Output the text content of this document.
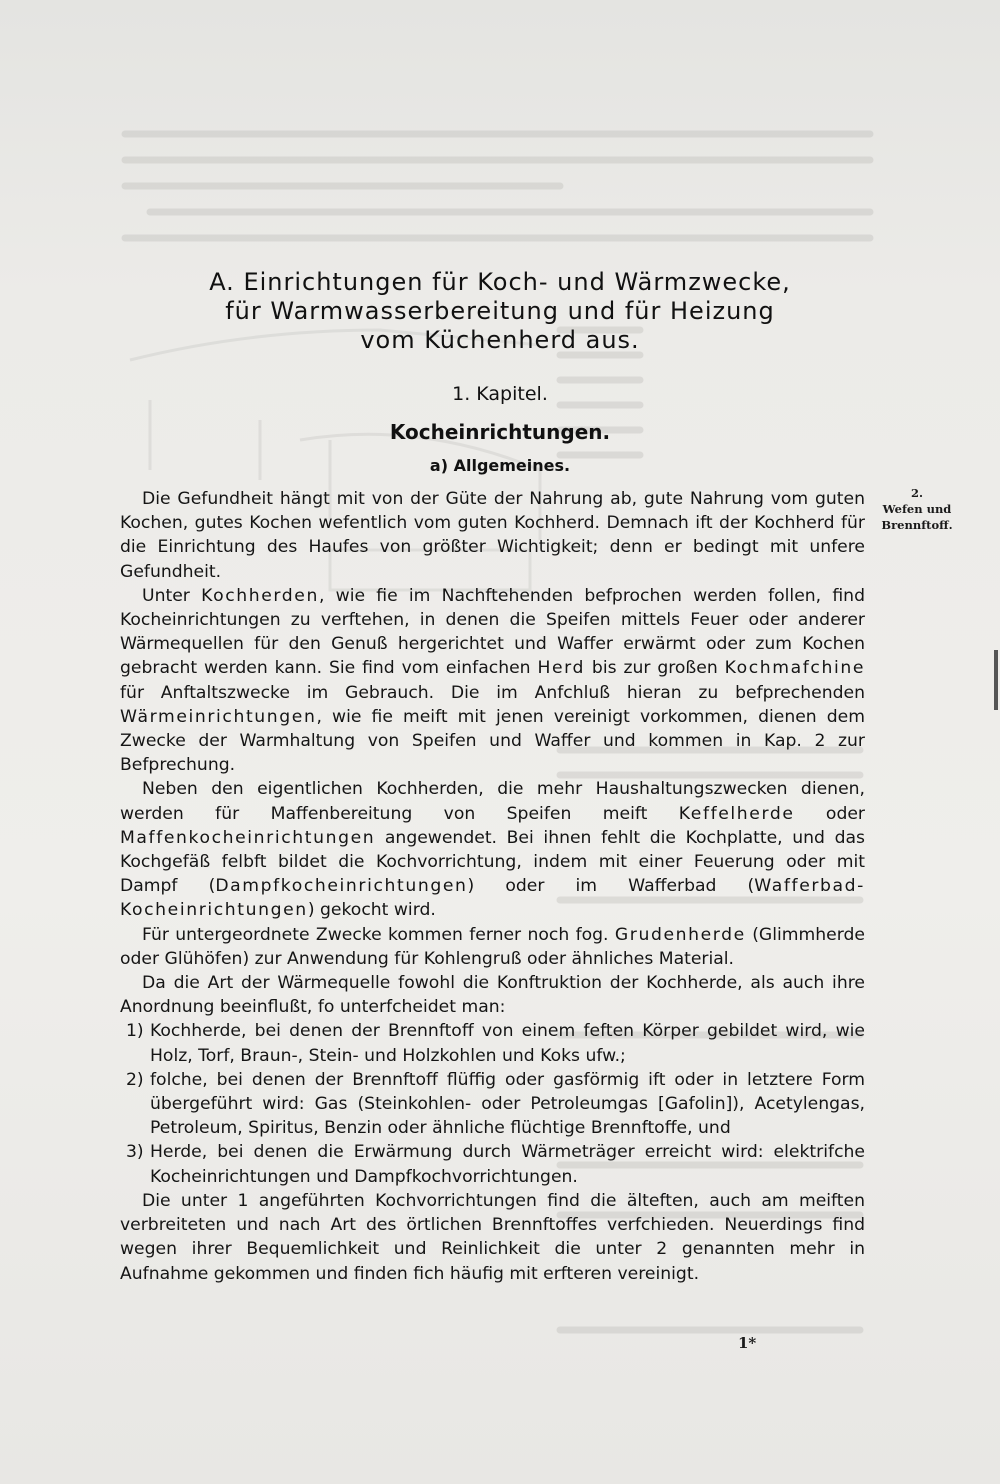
A. Einrichtungen für Koch- und Wärmzwecke,
für Warmwasserbereitung und für Heizung
vom Küchenherd aus.
1. Kapitel.
Kocheinrichtungen.
a) Allgemeines.
2.
Wefen und
Brennftoff.

Die Gefundheit hängt mit von der Güte der Nahrung ab, gute Nahrung vom guten Kochen, gutes Kochen wefentlich vom guten Kochherd. Demnach ift der Kochherd für die Einrichtung des Haufes von größter Wichtigkeit; denn er bedingt mit unfere Gefundheit.

Unter Kochherden, wie fie im Nachftehenden befprochen werden follen, find Kocheinrichtungen zu verftehen, in denen die Speifen mittels Feuer oder anderer Wärmequellen für den Genuß hergerichtet und Waffer erwärmt oder zum Kochen gebracht werden kann. Sie find vom einfachen Herd bis zur großen Kochmafchine für Anftaltszwecke im Gebrauch. Die im Anfchluß hieran zu befprechenden Wärmeinrichtungen, wie fie meift mit jenen vereinigt vorkommen, dienen dem Zwecke der Warmhaltung von Speifen und Waffer und kommen in Kap. 2 zur Befprechung.

Neben den eigentlichen Kochherden, die mehr Haushaltungszwecken dienen, werden für Maffenbereitung von Speifen meift Keffelherde oder Maffenkocheinrichtungen angewendet. Bei ihnen fehlt die Kochplatte, und das Kochgefäß felbft bildet die Kochvorrichtung, indem mit einer Feuerung oder mit Dampf (Dampfkocheinrichtungen) oder im Wafferbad (Wafferbad-Kocheinrichtungen) gekocht wird.

Für untergeordnete Zwecke kommen ferner noch fog. Grudenherde (Glimmherde oder Glühöfen) zur Anwendung für Kohlengruß oder ähnliches Material.

Da die Art der Wärmequelle fowohl die Konftruktion der Kochherde, als auch ihre Anordnung beeinflußt, fo unterfcheidet man:

1) Kochherde, bei denen der Brennftoff von einem feften Körper gebildet wird, wie Holz, Torf, Braun-, Stein- und Holzkohlen und Koks ufw.;
2) folche, bei denen der Brennftoff flüffig oder gasförmig ift oder in letztere Form übergeführt wird: Gas (Steinkohlen- oder Petroleumgas [Gafolin]), Acetylengas, Petroleum, Spiritus, Benzin oder ähnliche flüchtige Brennftoffe, und
3) Herde, bei denen die Erwärmung durch Wärmeträger erreicht wird: elektrifche Kocheinrichtungen und Dampfkochvorrichtungen.

Die unter 1 angeführten Kochvorrichtungen find die älteften, auch am meiften verbreiteten und nach Art des örtlichen Brennftoffes verfchieden. Neuerdings find wegen ihrer Bequemlichkeit und Reinlichkeit die unter 2 genannten mehr in Aufnahme gekommen und finden fich häufig mit erfteren vereinigt.

1*
